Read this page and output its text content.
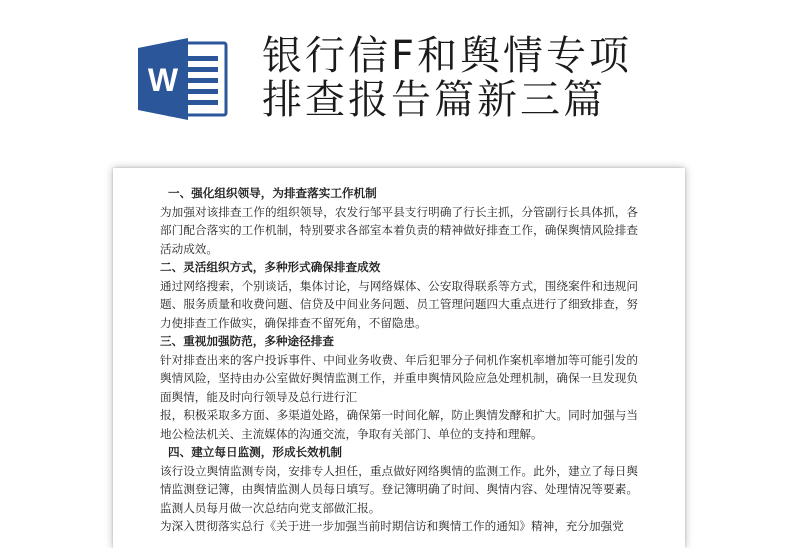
W
银行信F和舆情专项
排查报告篇新三篇

一、强化组织领导，为排查落实工作机制

为加强对该排查工作的组织领导，农发行邹平县支行明确了行长主抓，分管副行长具体抓，各部门配合落实的工作机制，特别要求各部室本着负责的精神做好排查工作，确保舆情风险排查活动成效。

二、灵活组织方式，多种形式确保排查成效

通过网络搜索，个别谈话，集体讨论，与网络媒体、公安取得联系等方式，围绕案件和违规问题、服务质量和收费问题、信贷及中间业务问题、员工管理问题四大重点进行了细致排查，努力使排查工作做实，确保排查不留死角，不留隐患。

三、重视加强防范，多种途径排查

针对排查出来的客户投诉事件、中间业务收费、年后犯罪分子伺机作案机率增加等可能引发的舆情风险，坚持由办公室做好舆情监测工作，并重申舆情风险应急处理机制，确保一旦发现负面舆情，能及时向行领导及总行进行汇

报，积极采取多方面、多渠道处路，确保第一时间化解，防止舆情发酵和扩大。同时加强与当地公检法机关、主流媒体的沟通交流，争取有关部门、单位的支持和理解。

四、建立每日监测，形成长效机制

该行设立舆情监测专岗，安排专人担任，重点做好网络舆情的监测工作。此外，建立了每日舆情监测登记簿，由舆情监测人员每日填写。登记簿明确了时间、舆情内容、处理情况等要素。监测人员每月做一次总结向党支部做汇报。

为深入贯彻落实总行《关于进一步加强当前时期信访和舆情工作的通知》精神，充分加强党
